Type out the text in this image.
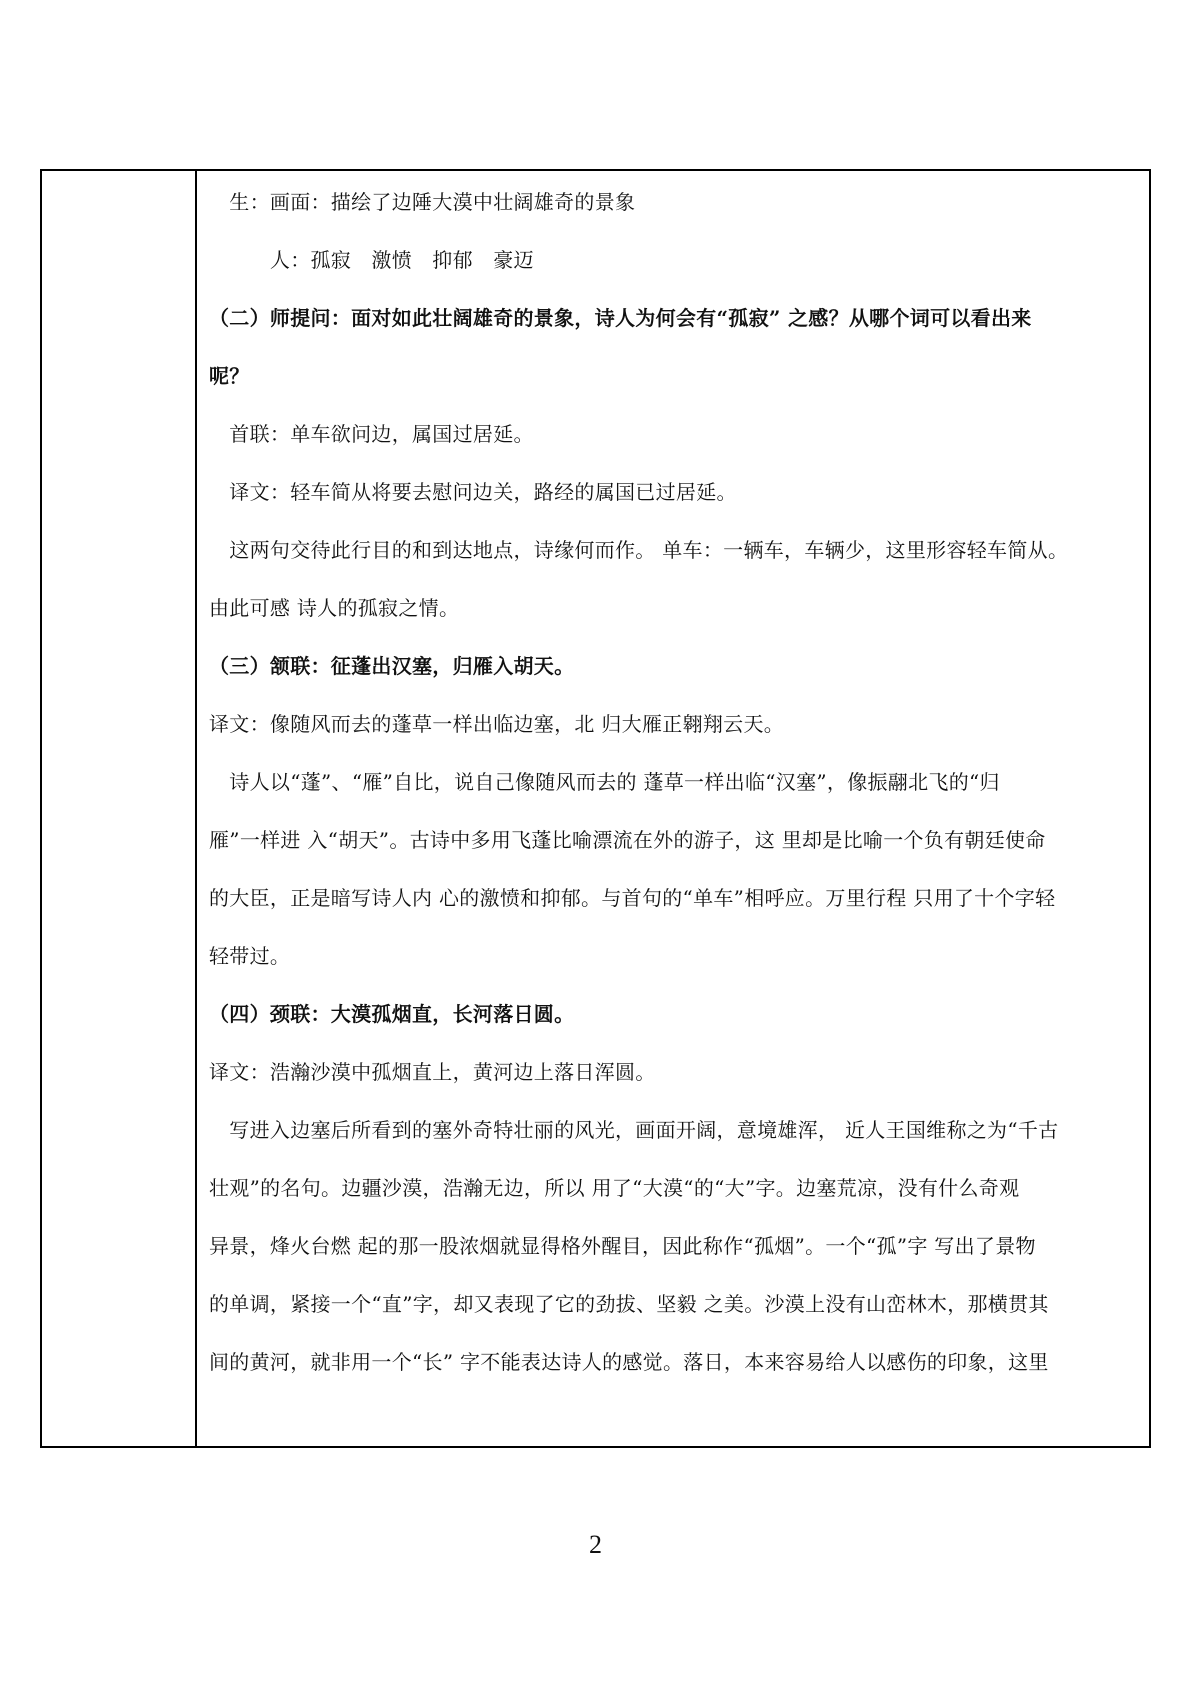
　生：画面：描绘了边陲大漠中壮阔雄奇的景象
　　　人：孤寂　激愤　抑郁　豪迈
（二）师提问：面对如此壮阔雄奇的景象，诗人为何会有“孤寂” 之感？从哪个词可以看出来
呢？
　首联：单车欲问边，属国过居延。
　译文：轻车简从将要去慰问边关，路经的属国已过居延。
　这两句交待此行目的和到达地点，诗缘何而作。 单车：一辆车，车辆少，这里形容轻车简从。
由此可感 诗人的孤寂之情。
（三）颔联：征蓬出汉塞，归雁入胡天。
译文：像随风而去的蓬草一样出临边塞，北 归大雁正翱翔云天。
　诗人以“蓬”、“雁”自比，说自己像随风而去的 蓬草一样出临“汉塞”，像振翮北飞的“归
雁”一样进 入“胡天”。古诗中多用飞蓬比喻漂流在外的游子，这 里却是比喻一个负有朝廷使命
的大臣，正是暗写诗人内 心的激愤和抑郁。与首句的“单车”相呼应。万里行程 只用了十个字轻
轻带过。
（四）颈联：大漠孤烟直，长河落日圆。
译文：浩瀚沙漠中孤烟直上，黄河边上落日浑圆。
　写进入边塞后所看到的塞外奇特壮丽的风光，画面开阔，意境雄浑， 近人王国维称之为“千古
壮观”的名句。边疆沙漠，浩瀚无边，所以 用了“大漠“的“大”字。边塞荒凉，没有什么奇观
异景，烽火台燃 起的那一股浓烟就显得格外醒目，因此称作“孤烟”。一个“孤”字 写出了景物
的单调，紧接一个“直”字，却又表现了它的劲拔、坚毅 之美。沙漠上没有山峦林木，那横贯其
间的黄河，就非用一个“长” 字不能表达诗人的感觉。落日，本来容易给人以感伤的印象，这里
2
